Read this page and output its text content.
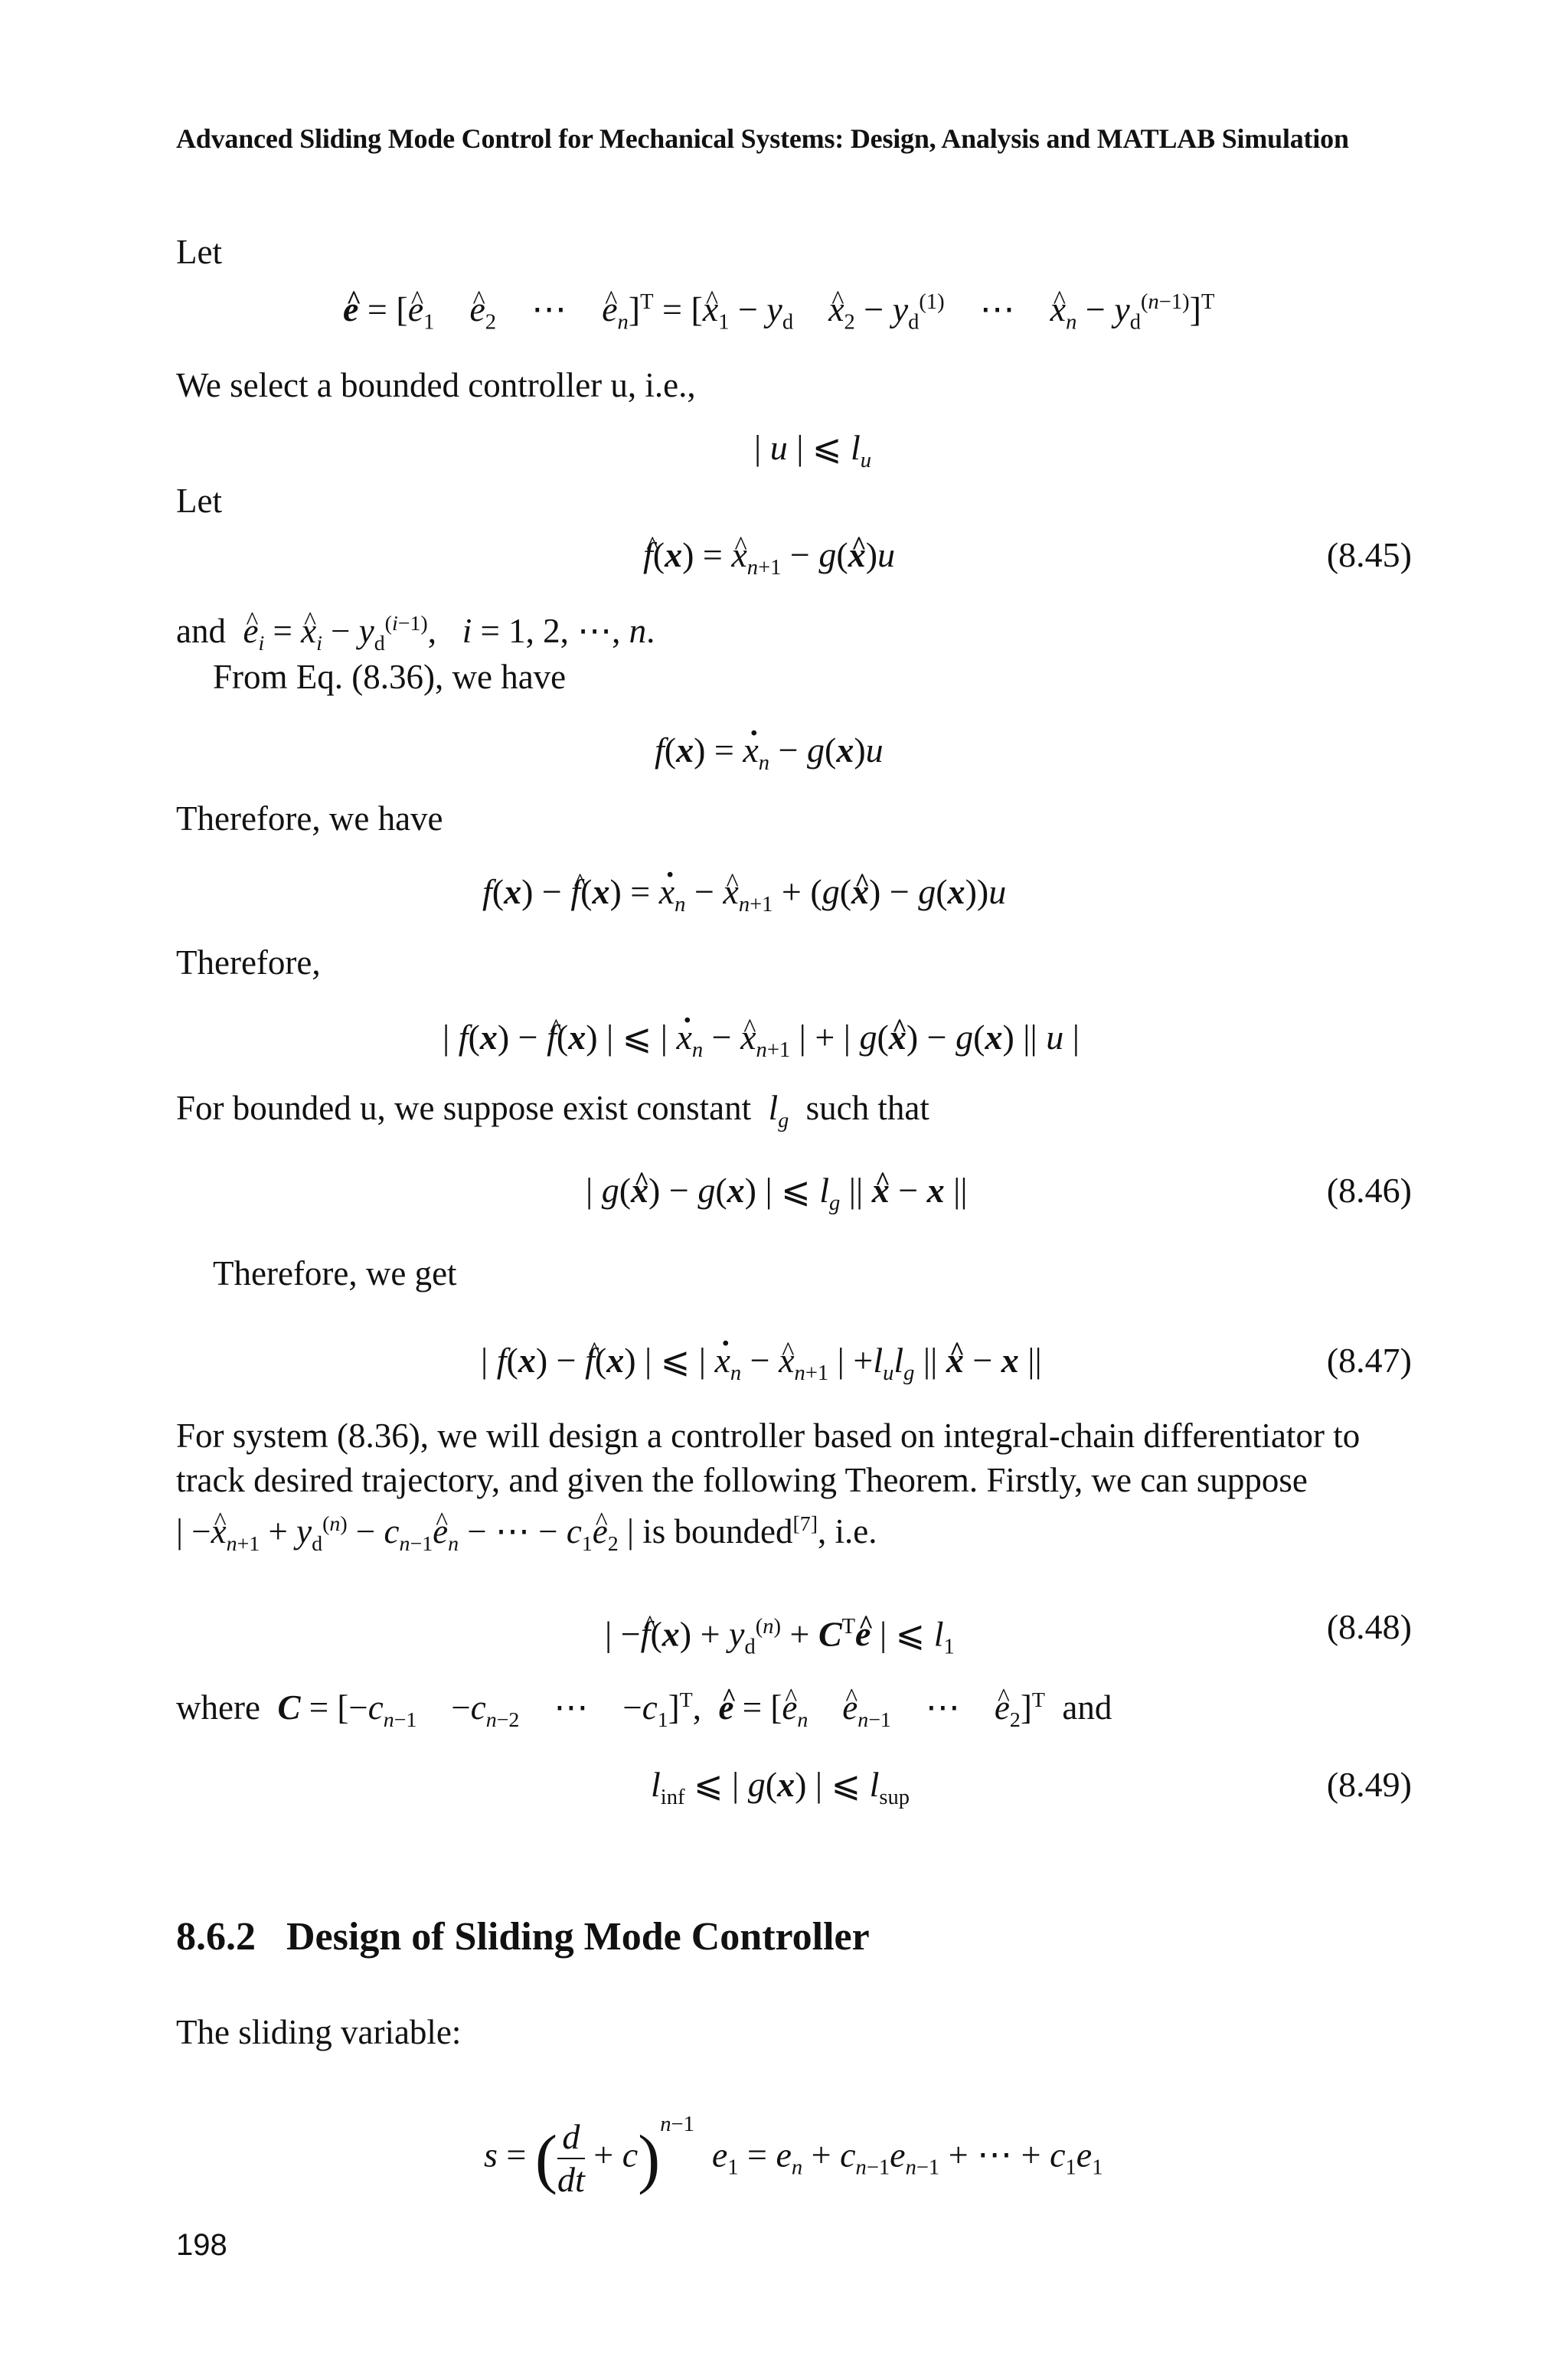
Advanced Sliding Mode Control for Mechanical Systems: Design, Analysis and MATLAB Simulation
Let
^ e = [^ $e_1$ ^ $e_2$    ⋯    ^ $e_n]^T$ = [^ $x_1 - y_d$ ^ $x_2 - y_d^{(1)}$    ⋯    ^ $x_n - y_d^{(n-1)}]^T$
We select a bounded controller u, i.e.,
| u | ⩽ $l_u$
Let
^ f(x) = ^ $x_{n+1}$ − g(^ x)u	(8.45)
and ^ $e_i$ = ^ $x_i - y_d^{(i-1)}$,   i = 1, 2, ⋯, n.
From Eq. (8.36), we have
f(x) = · $x_n - g(x)u$
Therefore, we have
f(x) − ^ f(x) = · $x_n$ − ^ $x_{n+1}$ + (g(^ x) − g(x))u
Therefore,
| f(x) − ^ f(x) | ⩽ | · $x_n$ − ^ $x_{n+1}$ | + | g(^ x) − g(x) || u |
For bounded u, we suppose exist constant $l_g$ such that
| g(^ x) − g(x) | ⩽ $l_g$ || ^ x − x ||	(8.46)
Therefore, we get
| f(x) − ^ f(x) | ⩽ | · $x_n$ − ^ $x_{n+1}$ | $+l_ul_g$ || ^ x − x ||	(8.47)
For system (8.36), we will design a controller based on integral-chain differentiator to track desired trajectory, and given the following Theorem. Firstly, we can suppose
| −^ $x_{n+1} + y_d^{(n)}$ − $c_{n-1}\^{}$ $e_n$ − ⋯ − $c_1\^{}$ $e_2$ | is bounded[7], i.e.
| −^ $f(x) + y_d^{(n)}$ + $C^T\^{}$ e | ⩽ $l_1$
(8.48)
where $C = [-c_{n-1}$    $-c_{n-2}$    ⋯    $-c_1]^T$,  ^ e = [^ $e_n$ ^ $e_{n-1}$    ⋯    ^ $e_2]^T$ and
$l_{inf}$ ⩽ | g(x) | ⩽ $l_{sup}$	(8.49)
8.6.2 Design of Sliding Mode Controller
The sliding variable:
s = ( $\frac{d}{dt} + c)^{n-1}$  $e_1 = e_n + c_{n-1}e_{n-1}$ + ⋯ + $c_1e_1$
198
